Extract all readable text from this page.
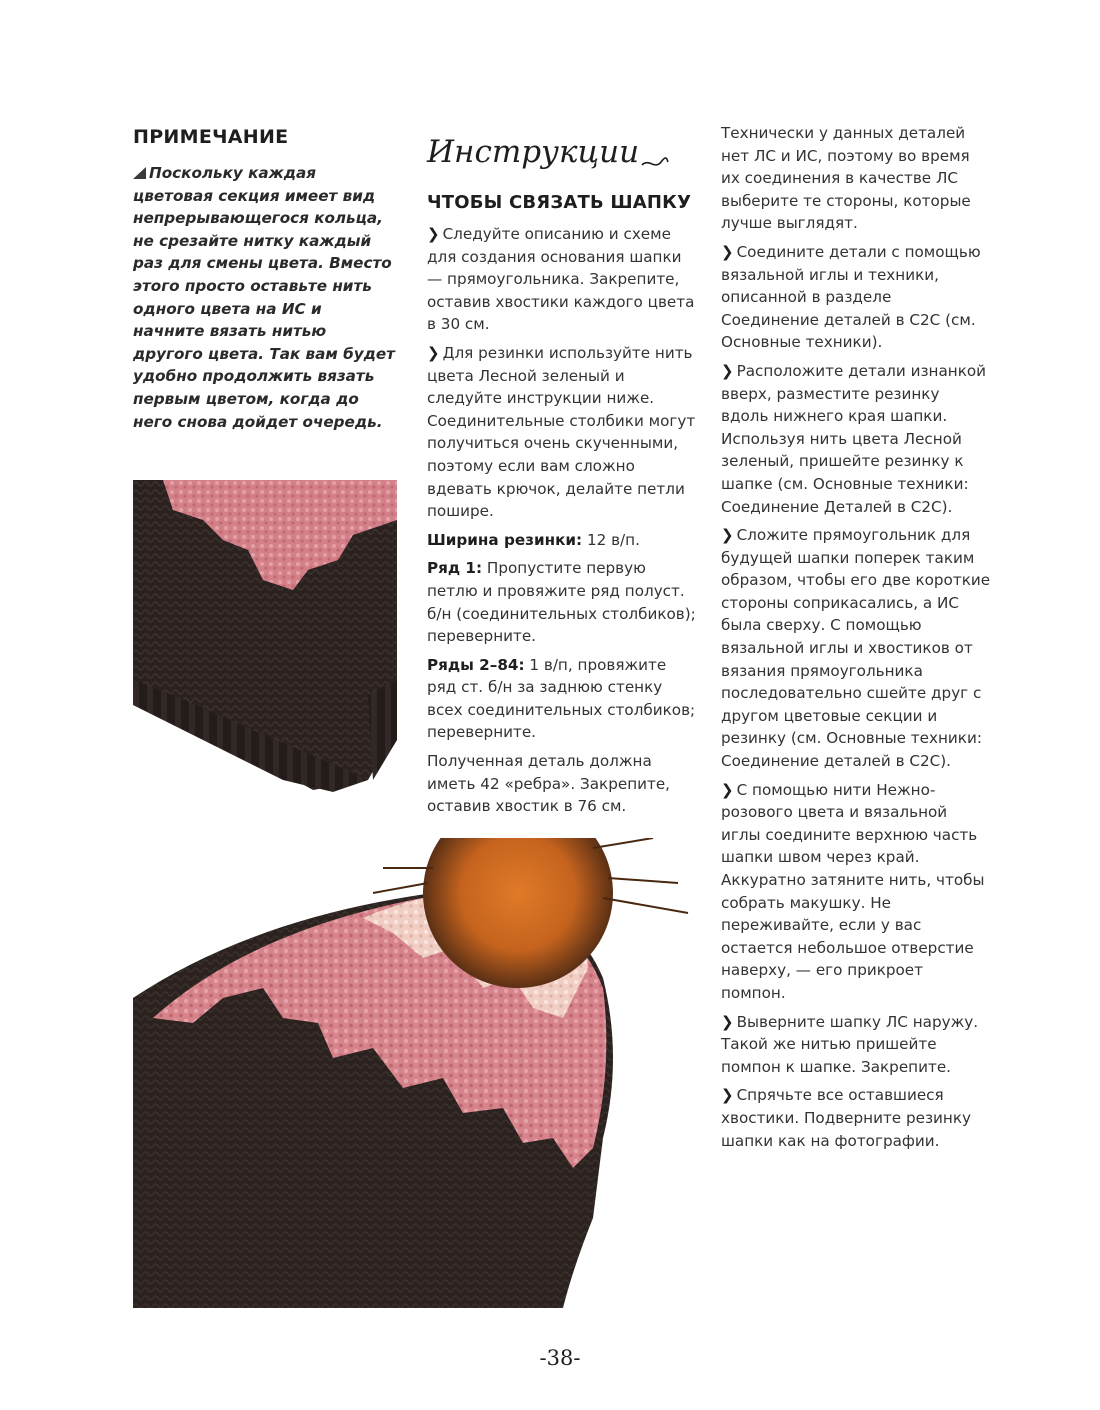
ПРИМЕЧАНИЕ

Поскольку каждая цветовая секция имеет вид непрерывающегося кольца, не срезайте нитку каждый раз для смены цвета. Вместо этого просто оставьте нить одного цвета на ИС и начните вязать нитью другого цвета. Так вам будет удобно продолжить вязать первым цветом, когда до него снова дойдет очередь.

Инструкции
ЧТОБЫ СВЯЗАТЬ ШАПКУ

❯ Следуйте описанию и схеме для создания основания шапки — прямоугольника. Закрепите, оставив хвостики каждого цвета в 30 см.

❯ Для резинки используйте нить цвета Лесной зеленый и следуйте инструкции ниже. Соединительные столбики могут получиться очень скученными, поэтому если вам сложно вдевать крючок, делайте петли пошире.

Ширина резинки: 12 в/п.

Ряд 1: Пропустите первую петлю и провяжите ряд полуст. б/н (соединительных столбиков); переверните.

Ряды 2–84: 1 в/п, провяжите ряд ст. б/н за заднюю стенку всех соединительных столбиков; переверните.

Полученная деталь должна иметь 42 «ребра». Закрепите, оставив хвостик в 76 см.

Технически у данных деталей нет ЛС и ИС, поэтому во время их соединения в качестве ЛС выберите те стороны, которые лучше выглядят.

❯ Соедините детали с помощью вязальной иглы и техники, описанной в разделе Соединение деталей в С2С (см. Основные техники).

❯ Расположите детали изнанкой вверх, разместите резинку вдоль нижнего края шапки. Используя нить цвета Лесной зеленый, пришейте резинку к шапке (см. Основные техники: Соединение Деталей в С2С).

❯ Сложите прямоугольник для будущей шапки поперек таким образом, чтобы его две короткие стороны соприкасались, а ИС была сверху. С помощью вязальной иглы и хвостиков от вязания прямоугольника последовательно сшейте друг с другом цветовые секции и резинку (см. Основные техники: Соединение деталей в С2С).

❯ С помощью нити Нежно-розового цвета и вязальной иглы соедините верхнюю часть шапки швом через край. Аккуратно затяните нить, чтобы собрать макушку. Не переживайте, если у вас остается небольшое отверстие наверху, — его прикроет помпон.

❯ Выверните шапку ЛС наружу. Такой же нитью пришейте помпон к шапке. Закрепите.

❯ Спрячьте все оставшиеся хвостики. Подверните резинку шапки как на фотографии.

-38-
